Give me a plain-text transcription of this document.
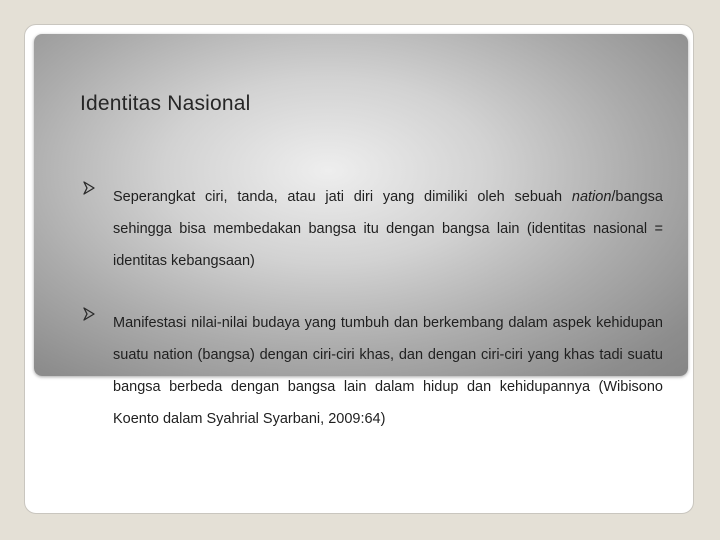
Identitas Nasional

Seperangkat ciri, tanda, atau jati diri yang dimiliki oleh sebuah nation/bangsa sehingga bisa membedakan bangsa itu dengan bangsa lain (identitas nasional = identitas kebangsaan)

Manifestasi nilai-nilai budaya yang tumbuh dan berkembang dalam aspek kehidupan suatu nation (bangsa) dengan ciri-ciri khas, dan dengan ciri-ciri yang khas tadi suatu bangsa berbeda dengan bangsa lain dalam hidup dan kehidupannya (Wibisono Koento dalam Syahrial Syarbani, 2009:64)
